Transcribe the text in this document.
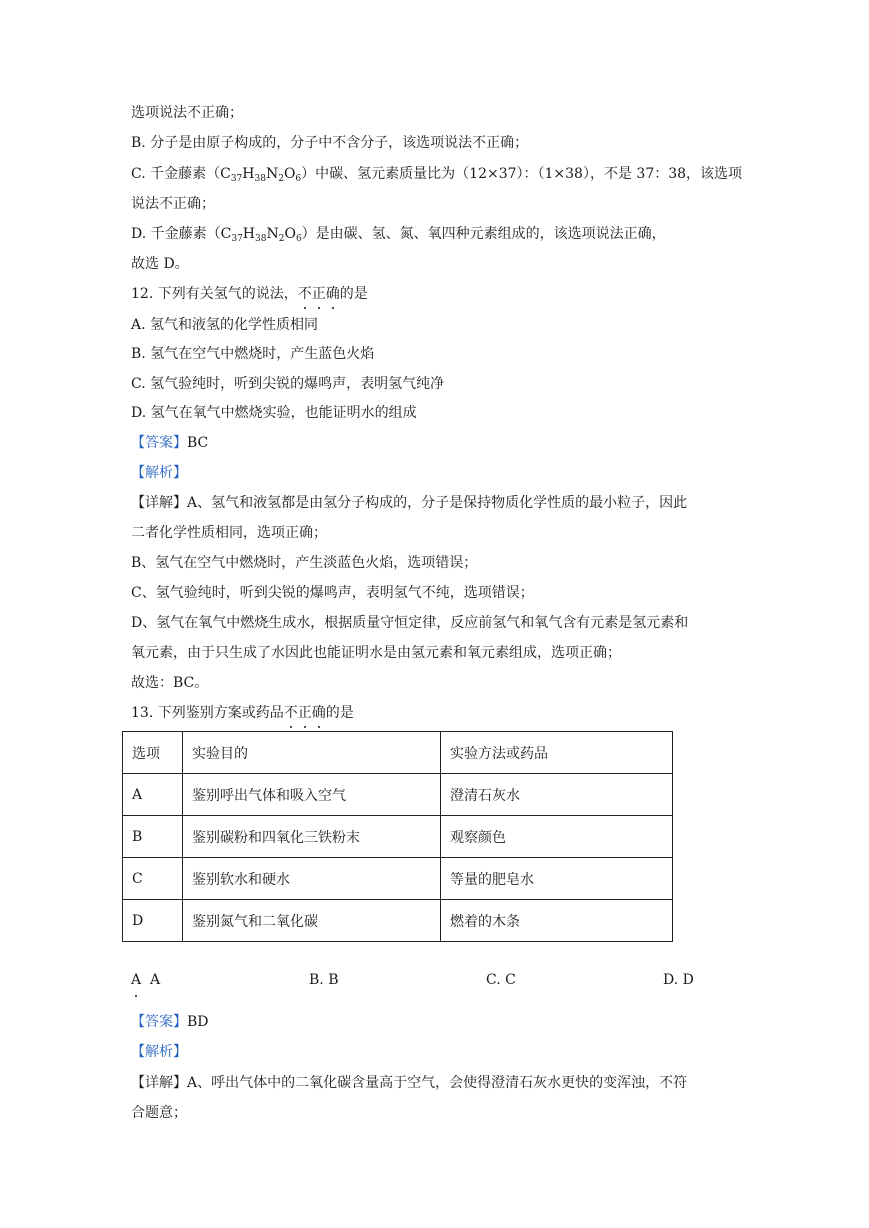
选项说法不正确；
B. 分子是由原子构成的，分子中不含分子，该选项说法不正确；
C. 千金藤素$(C_{37}H_{38}N_2O_6)$中碳、氢元素质量比为（12×37）：（1×38），不是 37：38，该选项
说法不正确；
D. 千金藤素$(C_{37}H_{38}N_2O_6)$是由碳、氢、氮、氧四种元素组成的，该选项说法正确，
故选 D。
12. 下列有关氢气的说法，不正确的是
A. 氢气和液氢的化学性质相同
B. 氢气在空气中燃烧时，产生蓝色火焰
C. 氢气验纯时，听到尖锐的爆鸣声，表明氢气纯净
D. 氢气在氧气中燃烧实验，也能证明水的组成
【答案】BC
【解析】
【详解】A、氢气和液氢都是由氢分子构成的，分子是保持物质化学性质的最小粒子，因此
二者化学性质相同，选项正确；
B、氢气在空气中燃烧时，产生淡蓝色火焰，选项错误；
C、氢气验纯时，听到尖锐的爆鸣声，表明氢气不纯，选项错误；
D、氢气在氧气中燃烧生成水，根据质量守恒定律，反应前氢气和氧气含有元素是氢元素和
氧元素，由于只生成了水因此也能证明水是由氢元素和氧元素组成，选项正确；
故选：BC。
13. 下列鉴别方案或药品不正确的是
选项	实验目的	实验方法或药品
A	鉴别呼出气体和吸入空气	澄清石灰水
B	鉴别碳粉和四氧化三铁粉末	观察颜色
C	鉴别软水和硬水	等量的肥皂水
D	鉴别氮气和二氧化碳	燃着的木条
A A	B. B	C. C	D. D
【答案】BD
【解析】
【详解】A、呼出气体中的二氧化碳含量高于空气，会使得澄清石灰水更快的变浑浊，不符
合题意；
